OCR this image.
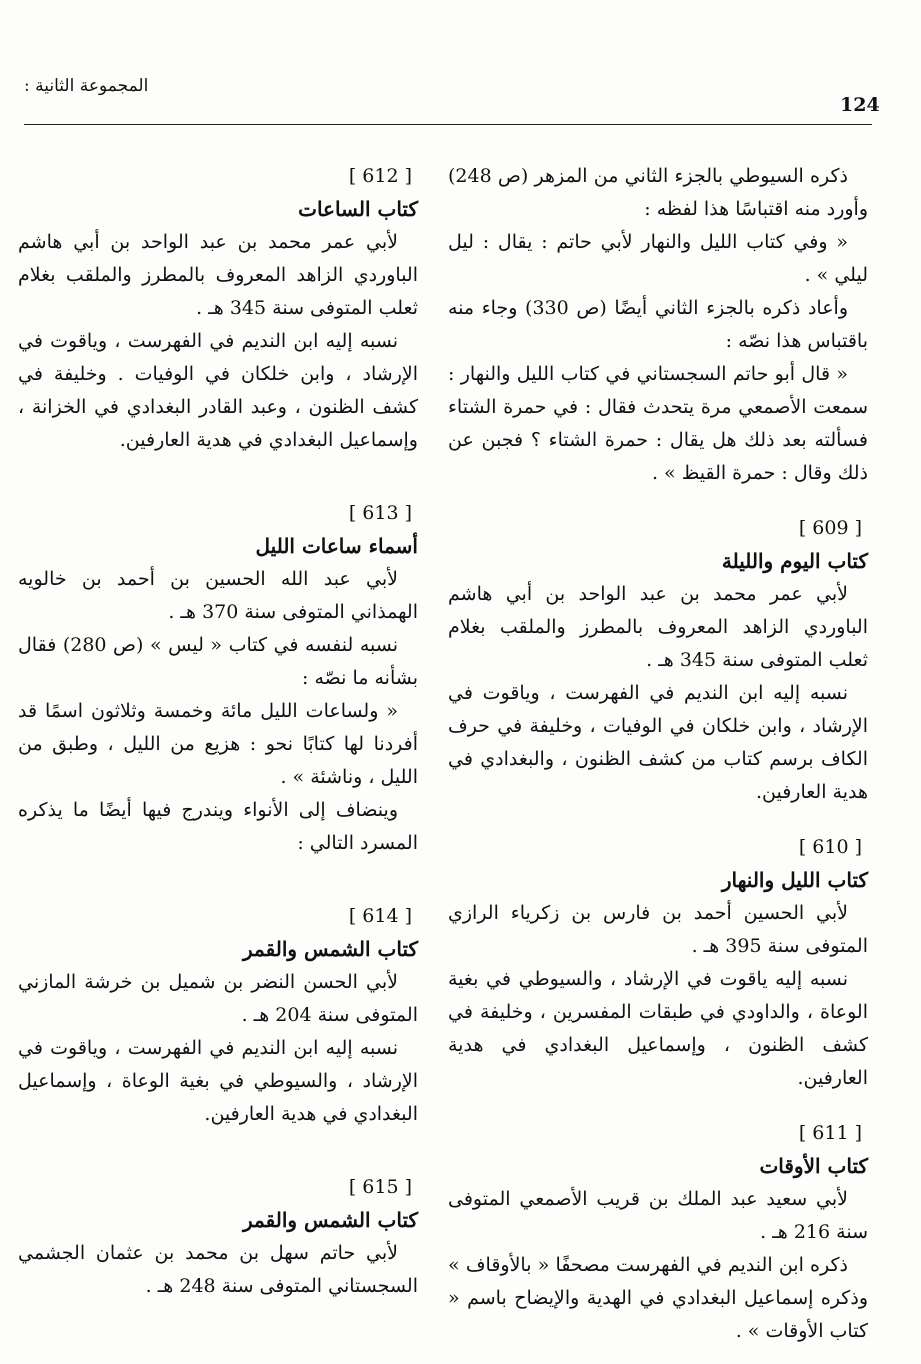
124
المجموعة الثانية :

ذكره السيوطي بالجزء الثاني من المزهر (ص 248) وأورد منه اقتباسًا هذا لفظه :

« وفي كتاب الليل والنهار لأبي حاتم : يقال : ليل ليلي » .

وأعاد ذكره بالجزء الثاني أيضًا (ص 330) وجاء منه باقتباس هذا نصّه :

« قال أبو حاتم السجستاني في كتاب الليل والنهار : سمعت الأصمعي مرة يتحدث فقال : في حمرة الشتاء فسألته بعد ذلك هل يقال : حمرة الشتاء ؟ فجبن عن ذلك وقال : حمرة القيظ » .

[ 609 ]
كتاب اليوم والليلة

لأبي عمر محمد بن عبد الواحد بن أبي هاشم الباوردي الزاهد المعروف بالمطرز والملقب بغلام ثعلب المتوفى سنة 345 هـ .

نسبه إليه ابن النديم في الفهرست ، وياقوت في الإرشاد ، وابن خلكان في الوفيات ، وخليفة في حرف الكاف برسم كتاب من كشف الظنون ، والبغدادي في هدية العارفين.

[ 610 ]
كتاب الليل والنهار

لأبي الحسين أحمد بن فارس بن زكرياء الرازي المتوفى سنة 395 هـ .

نسبه إليه ياقوت في الإرشاد ، والسيوطي في بغية الوعاة ، والداودي في طبقات المفسرين ، وخليفة في كشف الظنون ، وإسماعيل البغدادي في هدية العارفين.

[ 611 ]
كتاب الأوقات

لأبي سعيد عبد الملك بن قريب الأصمعي المتوفى سنة 216 هـ .

ذكره ابن النديم في الفهرست مصحفًا « بالأوقاف » وذكره إسماعيل البغدادي في الهدية والإيضاح باسم « كتاب الأوقات » .

[ 612 ]
كتاب الساعات

لأبي عمر محمد بن عبد الواحد بن أبي هاشم الباوردي الزاهد المعروف بالمطرز والملقب بغلام ثعلب المتوفى سنة 345 هـ .

نسبه إليه ابن النديم في الفهرست ، وياقوت في الإرشاد ، وابن خلكان في الوفيات . وخليفة في كشف الظنون ، وعبد القادر البغدادي في الخزانة ، وإسماعيل البغدادي في هدية العارفين.

[ 613 ]
أسماء ساعات الليل

لأبي عبد الله الحسين بن أحمد بن خالويه الهمذاني المتوفى سنة 370 هـ .

نسبه لنفسه في كتاب « ليس » (ص 280) فقال بشأنه ما نصّه :

« ولساعات الليل مائة وخمسة وثلاثون اسمًا قد أفردنا لها كتابًا نحو : هزيع من الليل ، وطبق من الليل ، وناشئة » .

وينضاف إلى الأنواء ويندرج فيها أيضًا ما يذكره المسرد التالي :

[ 614 ]
كتاب الشمس والقمر

لأبي الحسن النضر بن شميل بن خرشة المازني المتوفى سنة 204 هـ .

نسبه إليه ابن النديم في الفهرست ، وياقوت في الإرشاد ، والسيوطي في بغية الوعاة ، وإسماعيل البغدادي في هدية العارفين.

[ 615 ]
كتاب الشمس والقمر

لأبي حاتم سهل بن محمد بن عثمان الجشمي السجستاني المتوفى سنة 248 هـ .
